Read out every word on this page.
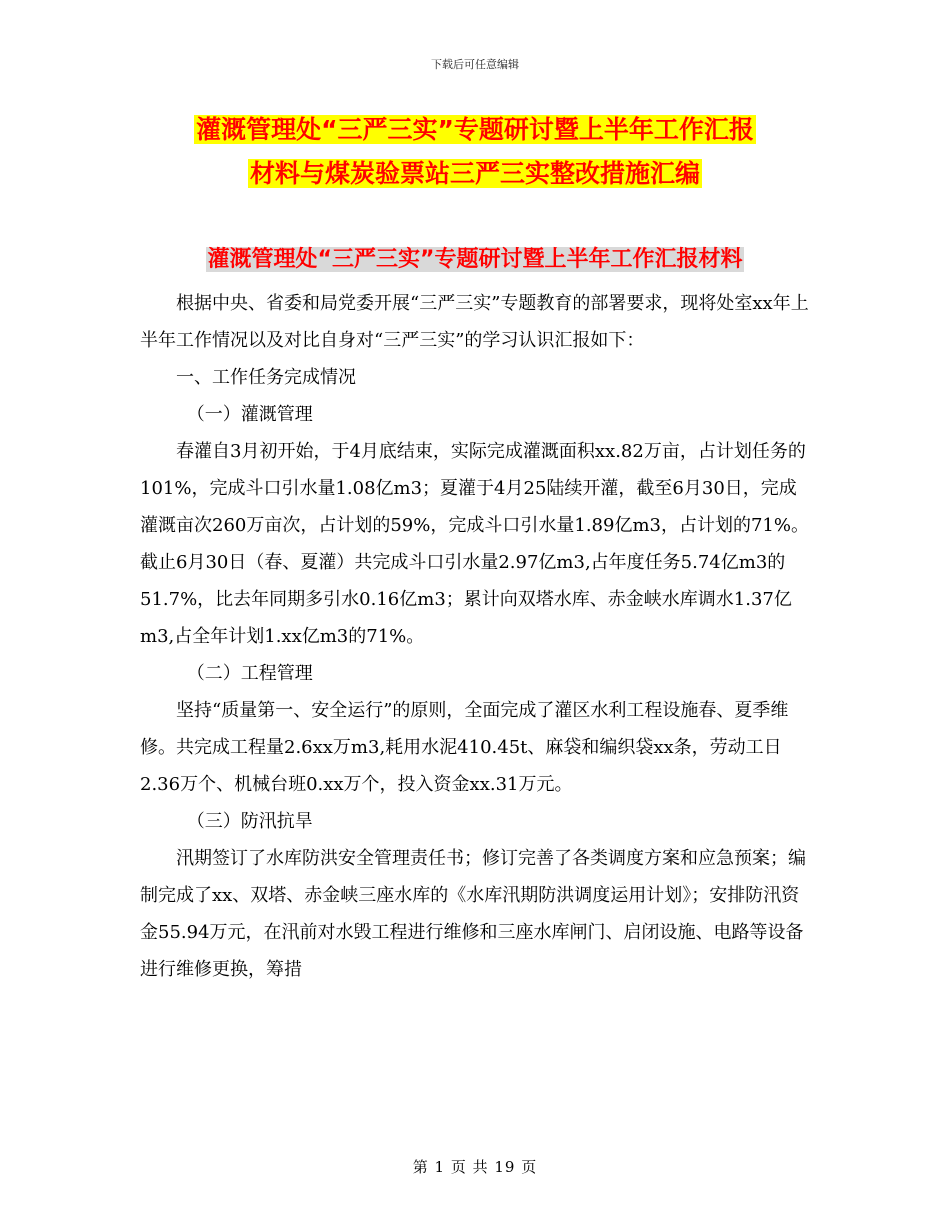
下载后可任意编辑
灌溉管理处“三严三实”专题研讨暨上半年工作汇报
材料与煤炭验票站三严三实整改措施汇编
灌溉管理处“三严三实”专题研讨暨上半年工作汇报材料

根据中央、省委和局党委开展“三严三实”专题教育的部署要求，现将处室xx年上半年工作情况以及对比自身对“三严三实”的学习认识汇报如下：

一、工作任务完成情况

（一）灌溉管理

春灌自3月初开始，于4月底结束，实际完成灌溉面积xx.82万亩，占计划任务的101%，完成斗口引水量1.08亿m3；夏灌于4月25陆续开灌，截至6月30日，完成灌溉亩次260万亩次，占计划的59%，完成斗口引水量1.89亿m3，占计划的71%。截止6月30日（春、夏灌）共完成斗口引水量2.97亿m3,占年度任务5.74亿m3的51.7%，比去年同期多引水0.16亿m3；累计向双塔水库、赤金峡水库调水1.37亿m3,占全年计划1.xx亿m3的71%。

（二）工程管理

坚持“质量第一、安全运行”的原则，全面完成了灌区水利工程设施春、夏季维修。共完成工程量2.6xx万m3,耗用水泥410.45t、麻袋和编织袋xx条，劳动工日2.36万个、机械台班0.xx万个，投入资金xx.31万元。

（三）防汛抗旱

汛期签订了水库防洪安全管理责任书；修订完善了各类调度方案和应急预案；编制完成了xx、双塔、赤金峡三座水库的《水库汛期防洪调度运用计划》；安排防汛资金55.94万元，在汛前对水毁工程进行维修和三座水库闸门、启闭设施、电路等设备进行维修更换，筹措

第 1 页 共 19 页
